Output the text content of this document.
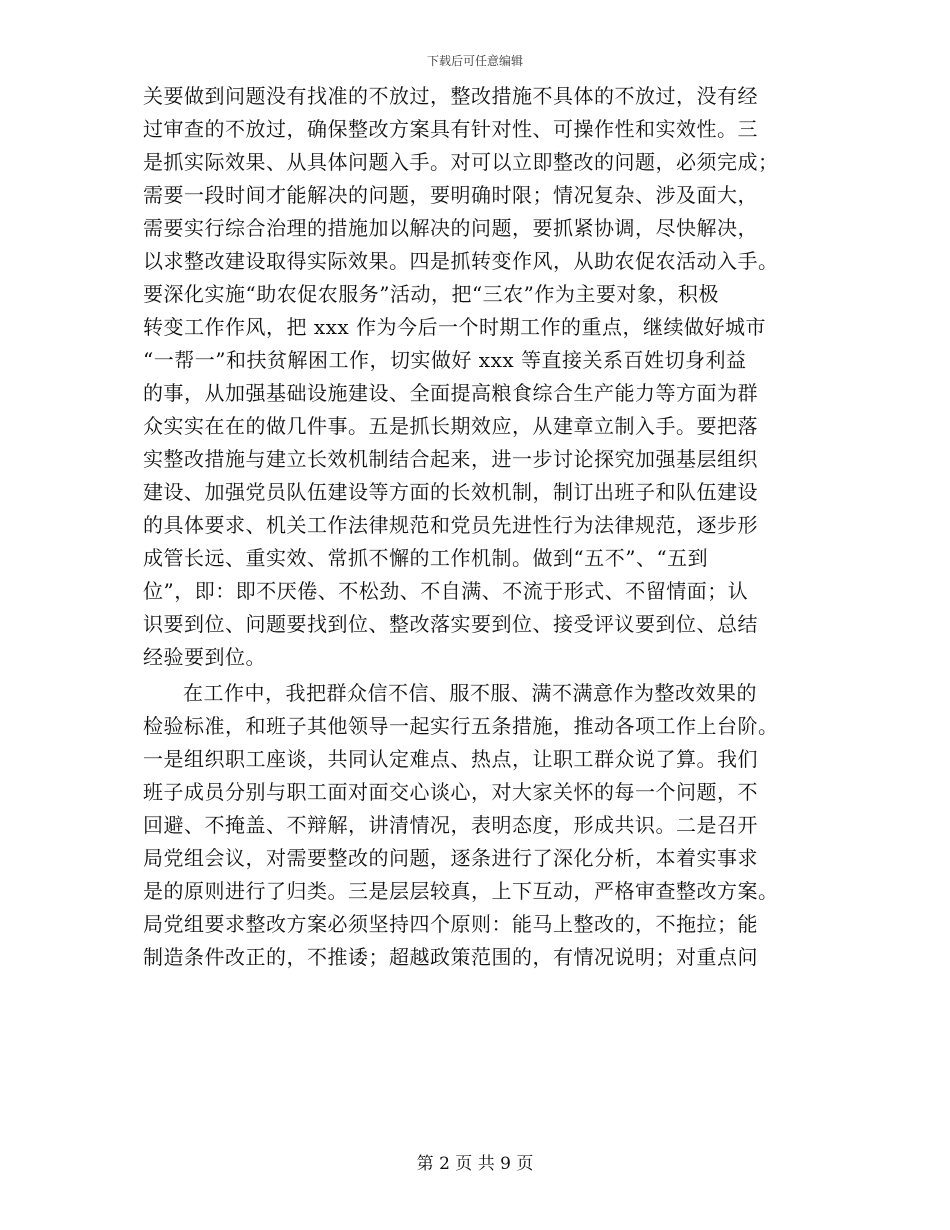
下载后可任意编辑
关要做到问题没有找准的不放过，整改措施不具体的不放过，没有经
过审查的不放过，确保整改方案具有针对性、可操作性和实效性。三
是抓实际效果、从具体问题入手。对可以立即整改的问题，必须完成；
需要一段时间才能解决的问题，要明确时限；情况复杂、涉及面大，
需要实行综合治理的措施加以解决的问题，要抓紧协调，尽快解决，
以求整改建设取得实际效果。四是抓转变作风，从助农促农活动入手。
要深化实施“助农促农服务”活动，把“三农”作为主要对象，积极
转变工作作风，把 xxx 作为今后一个时期工作的重点，继续做好城市
“一帮一”和扶贫解困工作，切实做好 xxx 等直接关系百姓切身利益
的事，从加强基础设施建设、全面提高粮食综合生产能力等方面为群
众实实在在的做几件事。五是抓长期效应，从建章立制入手。要把落
实整改措施与建立长效机制结合起来，进一步讨论探究加强基层组织
建设、加强党员队伍建设等方面的长效机制，制订出班子和队伍建设
的具体要求、机关工作法律规范和党员先进性行为法律规范，逐步形
成管长远、重实效、常抓不懈的工作机制。做到“五不”、“五到
位”，即：即不厌倦、不松劲、不自满、不流于形式、不留情面；认
识要到位、问题要找到位、整改落实要到位、接受评议要到位、总结
经验要到位。
在工作中，我把群众信不信、服不服、满不满意作为整改效果的
检验标准，和班子其他领导一起实行五条措施，推动各项工作上台阶。
一是组织职工座谈，共同认定难点、热点，让职工群众说了算。我们
班子成员分别与职工面对面交心谈心，对大家关怀的每一个问题，不
回避、不掩盖、不辩解，讲清情况，表明态度，形成共识。二是召开
局党组会议，对需要整改的问题，逐条进行了深化分析，本着实事求
是的原则进行了归类。三是层层较真，上下互动，严格审查整改方案。
局党组要求整改方案必须坚持四个原则：能马上整改的，不拖拉；能
制造条件改正的，不推诿；超越政策范围的，有情况说明；对重点问
第 2 页 共 9 页
